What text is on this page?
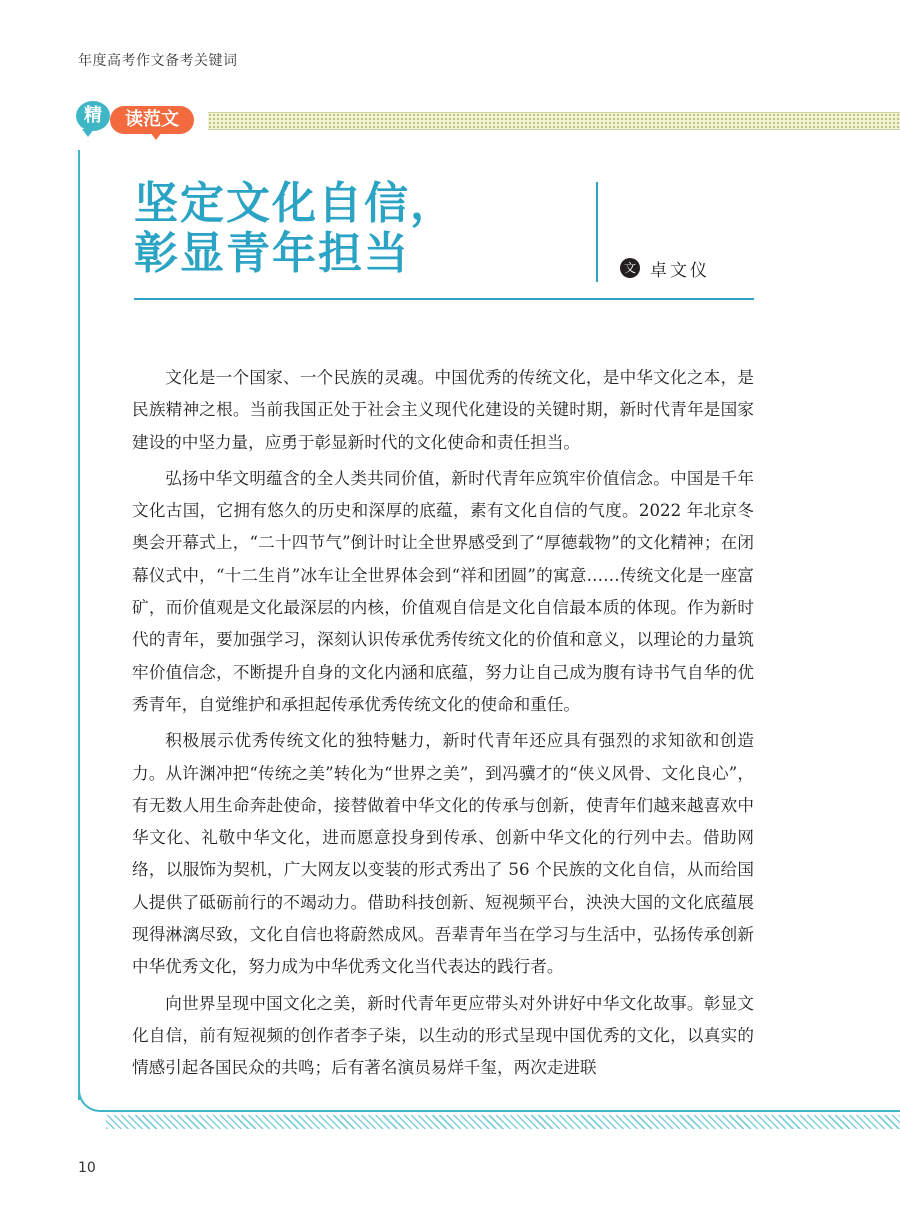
年度高考作文备考关键词
精	读范文
坚定文化自信，
彰显青年担当	文 卓文仪

文化是一个国家、一个民族的灵魂。中国优秀的传统文化，是中华文化之本，是民族精神之根。当前我国正处于社会主义现代化建设的关键时期，新时代青年是国家建设的中坚力量，应勇于彰显新时代的文化使命和责任担当。

弘扬中华文明蕴含的全人类共同价值，新时代青年应筑牢价值信念。中国是千年文化古国，它拥有悠久的历史和深厚的底蕴，素有文化自信的气度。2022 年北京冬奥会开幕式上，“二十四节气”倒计时让全世界感受到了“厚德载物”的文化精神；在闭幕仪式中，“十二生肖”冰车让全世界体会到“祥和团圆”的寓意……传统文化是一座富矿，而价值观是文化最深层的内核，价值观自信是文化自信最本质的体现。作为新时代的青年，要加强学习，深刻认识传承优秀传统文化的价值和意义，以理论的力量筑牢价值信念，不断提升自身的文化内涵和底蕴，努力让自己成为腹有诗书气自华的优秀青年，自觉维护和承担起传承优秀传统文化的使命和重任。

积极展示优秀传统文化的独特魅力，新时代青年还应具有强烈的求知欲和创造力。从许渊冲把“传统之美”转化为“世界之美”，到冯骥才的“侠义风骨、文化良心”，有无数人用生命奔赴使命，接替做着中华文化的传承与创新，使青年们越来越喜欢中华文化、礼敬中华文化，进而愿意投身到传承、创新中华文化的行列中去。借助网络，以服饰为契机，广大网友以变装的形式秀出了 56 个民族的文化自信，从而给国人提供了砥砺前行的不竭动力。借助科技创新、短视频平台，泱泱大国的文化底蕴展现得淋漓尽致，文化自信也将蔚然成风。吾辈青年当在学习与生活中，弘扬传承创新中华优秀文化，努力成为中华优秀文化当代表达的践行者。

向世界呈现中国文化之美，新时代青年更应带头对外讲好中华文化故事。彰显文化自信，前有短视频的创作者李子柒，以生动的形式呈现中国优秀的文化，以真实的情感引起各国民众的共鸣；后有著名演员易烊千玺，两次走进联

10
